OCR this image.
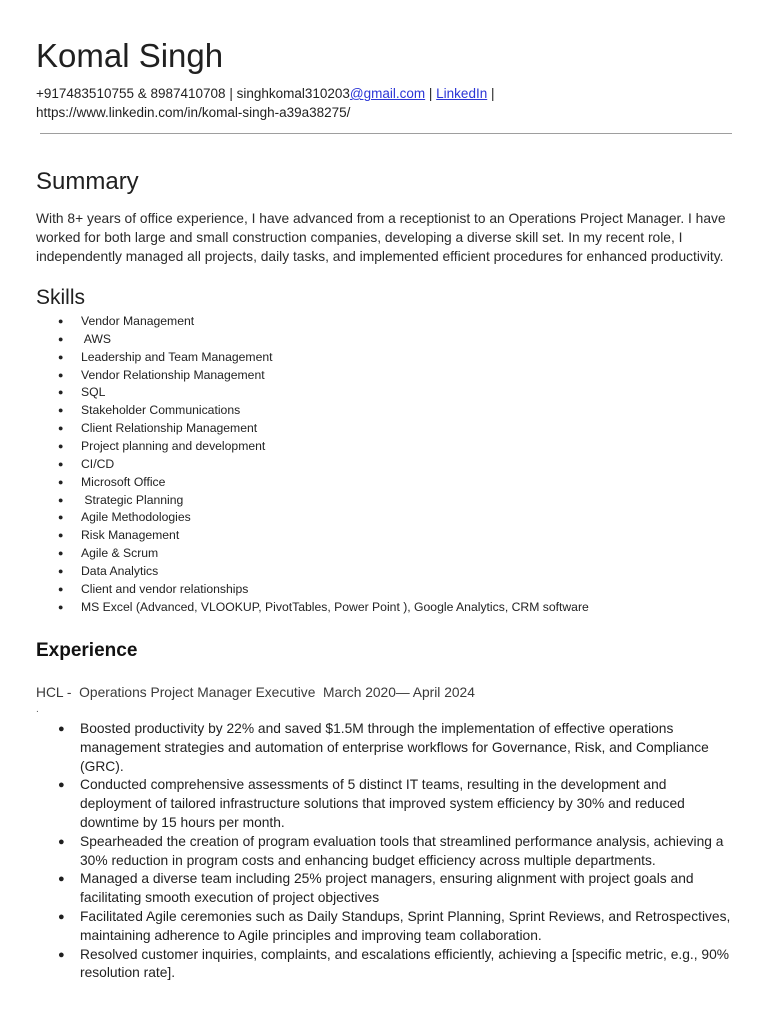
Komal Singh
+917483510755 & 8987410708 | singhkomal310203@gmail.com | LinkedIn |
https://www.linkedin.com/in/komal-singh-a39a38275/
Summary

With 8+ years of office experience, I have advanced from a receptionist to an Operations Project Manager. I have worked for both large and small construction companies, developing a diverse skill set. In my recent role, I independently managed all projects, daily tasks, and implemented efficient procedures for enhanced productivity.

Skills
● Vendor Management
● AWS
● Leadership and Team Management
● Vendor Relationship Management
● SQL
● Stakeholder Communications
● Client Relationship Management
● Project planning and development
● CI/CD
● Microsoft Office
● Strategic Planning
● Agile Methodologies
● Risk Management
● Agile & Scrum
● Data Analytics
● Client and vendor relationships
● MS Excel (Advanced, VLOOKUP, PivotTables, Power Point ), Google Analytics, CRM software
Experience
HCL -  Operations Project Manager Executive  March 2020— April 2024
.
● Boosted productivity by 22% and saved $1.5M through the implementation of effective operations management strategies and automation of enterprise workflows for Governance, Risk, and Compliance (GRC).
● Conducted comprehensive assessments of 5 distinct IT teams, resulting in the development and deployment of tailored infrastructure solutions that improved system efficiency by 30% and reduced downtime by 15 hours per month.
● Spearheaded the creation of program evaluation tools that streamlined performance analysis, achieving a 30% reduction in program costs and enhancing budget efficiency across multiple departments.
● Managed a diverse team including 25% project managers, ensuring alignment with project goals and facilitating smooth execution of project objectives
● Facilitated Agile ceremonies such as Daily Standups, Sprint Planning, Sprint Reviews, and Retrospectives, maintaining adherence to Agile principles and improving team collaboration.
● Resolved customer inquiries, complaints, and escalations efficiently, achieving a [specific metric, e.g., 90% resolution rate].
